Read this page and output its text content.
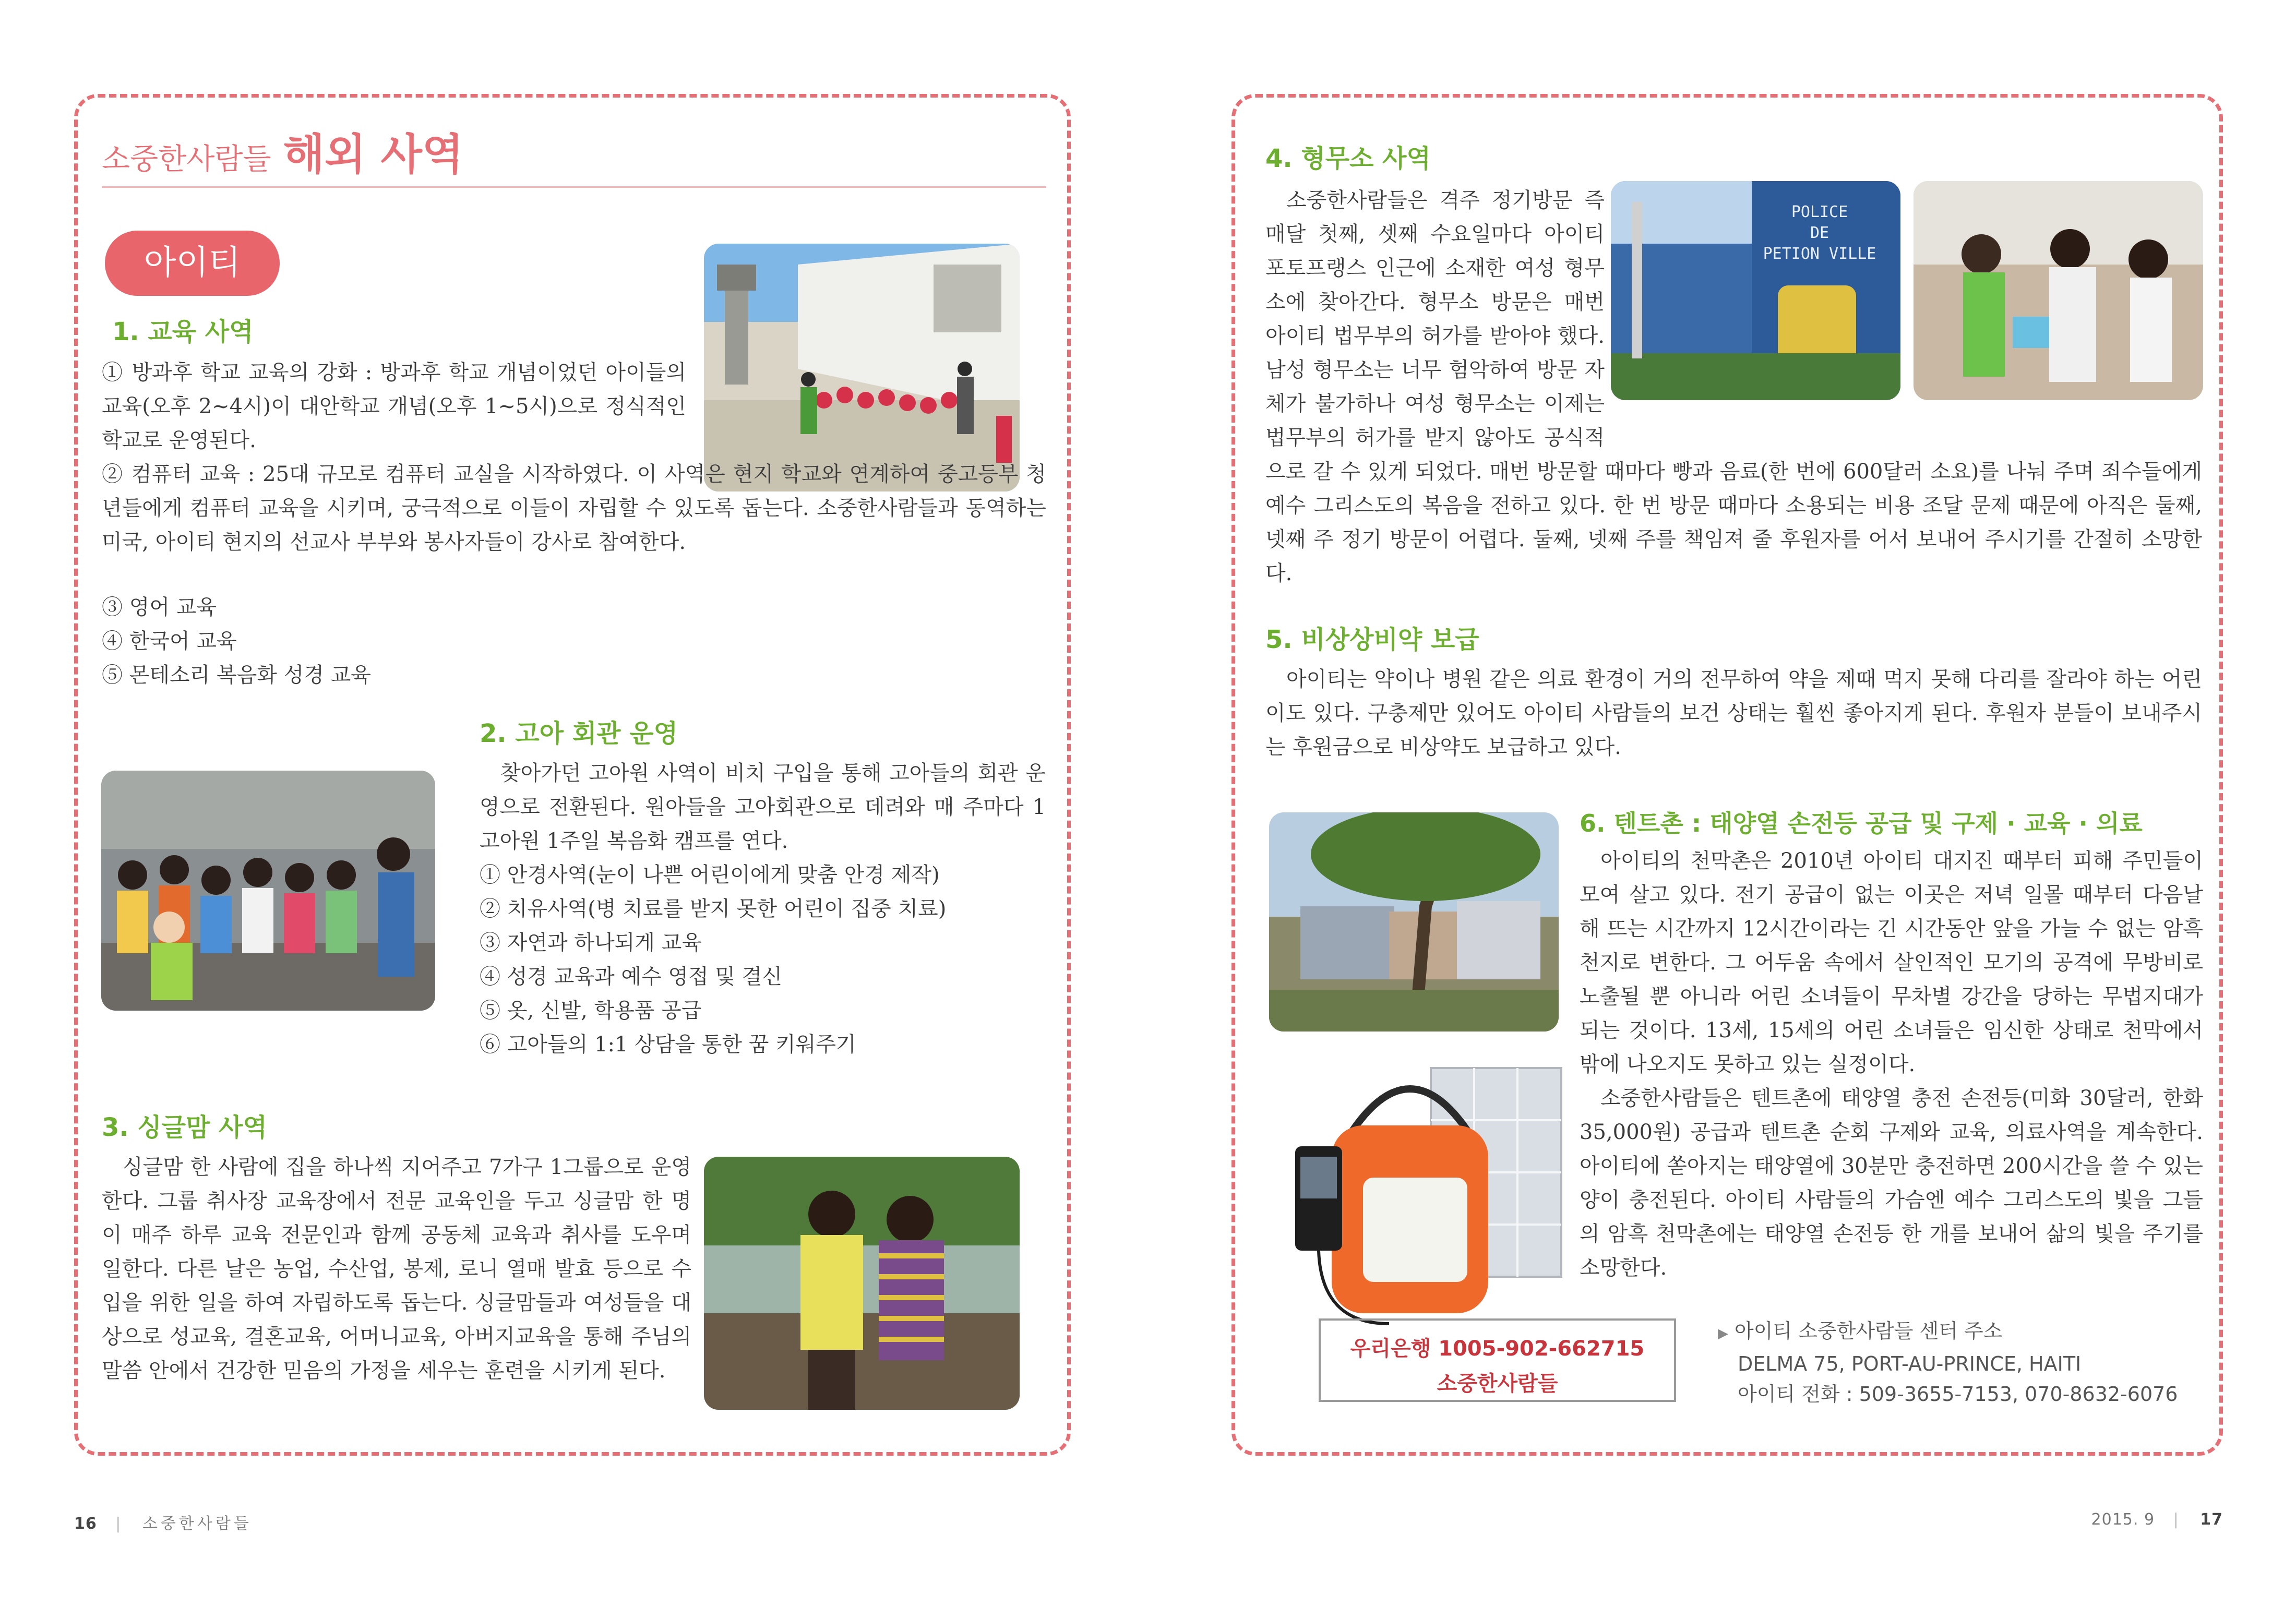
소중한사람들 해외 사역
아이티
1. 교육 사역

① 방과후 학교 교육의 강화 : 방과후 학교 개념이었던 아이들의 교육(오후 2~4시)이 대안학교 개념(오후 1~5시)으로 정식적인 학교로 운영된다.

② 컴퓨터 교육 : 25대 규모로 컴퓨터 교실을 시작하였다. 이 사역은 현지 학교와 연계하여 중고등부 청년들에게 컴퓨터 교육을 시키며, 궁극적으로 이들이 자립할 수 있도록 돕는다. 소중한사람들과 동역하는 미국, 아이티 현지의 선교사 부부와 봉사자들이 강사로 참여한다.

③ 영어 교육

④ 한국어 교육

⑤ 몬테소리 복음화 성경 교육

2. 고아 회관 운영

찾아가던 고아원 사역이 비치 구입을 통해 고아들의 회관 운영으로 전환된다. 원아들을 고아회관으로 데려와 매 주마다 1고아원 1주일 복음화 캠프를 연다.

① 안경사역(눈이 나쁜 어린이에게 맞춤 안경 제작)

② 치유사역(병 치료를 받지 못한 어린이 집중 치료)

③ 자연과 하나되게 교육

④ 성경 교육과 예수 영접 및 결신

⑤ 옷, 신발, 학용품 공급

⑥ 고아들의 1:1 상담을 통한 꿈 키워주기

3. 싱글맘 사역

싱글맘 한 사람에 집을 하나씩 지어주고 7가구 1그룹으로 운영한다. 그룹 취사장 교육장에서 전문 교육인을 두고 싱글맘 한 명이 매주 하루 교육 전문인과 함께 공동체 교육과 취사를 도우며 일한다. 다른 날은 농업, 수산업, 봉제, 로니 열매 발효 등으로 수입을 위한 일을 하여 자립하도록 돕는다. 싱글맘들과 여성들을 대상으로 성교육, 결혼교육, 어머니교육, 아버지교육을 통해 주님의 말씀 안에서 건강한 믿음의 가정을 세우는 훈련을 시키게 된다.

16 | 소중한사람들
4. 형무소 사역
POLICE
DE
PETION VILLE

소중한사람들은 격주 정기방문 즉 매달 첫째, 셋째 수요일마다 아이티 포토프랭스 인근에 소재한 여성 형무소에 찾아간다. 형무소 방문은 매번 아이티 법무부의 허가를 받아야 했다. 남성 형무소는 너무 험악하여 방문 자체가 불가하나 여성 형무소는 이제는 법무부의 허가를 받지 않아도 공식적으로 갈 수 있게 되었다. 매번 방문할 때마다 빵과 음료(한 번에 600달러 소요)를 나눠 주며 죄수들에게 예수 그리스도의 복음을 전하고 있다. 한 번 방문 때마다 소용되는 비용 조달 문제 때문에 아직은 둘째, 넷째 주 정기 방문이 어렵다. 둘째, 넷째 주를 책임져 줄 후원자를 어서 보내어 주시기를 간절히 소망한다.

5. 비상상비약 보급

아이티는 약이나 병원 같은 의료 환경이 거의 전무하여 약을 제때 먹지 못해 다리를 잘라야 하는 어린이도 있다. 구충제만 있어도 아이티 사람들의 보건 상태는 훨씬 좋아지게 된다. 후원자 분들이 보내주시는 후원금으로 비상약도 보급하고 있다.

6. 텐트촌 : 태양열 손전등 공급 및 구제 · 교육 · 의료

아이티의 천막촌은 2010년 아이티 대지진 때부터 피해 주민들이 모여 살고 있다. 전기 공급이 없는 이곳은 저녁 일몰 때부터 다음날 해 뜨는 시간까지 12시간이라는 긴 시간동안 앞을 가늘 수 없는 암흑천지로 변한다. 그 어두움 속에서 살인적인 모기의 공격에 무방비로 노출될 뿐 아니라 어린 소녀들이 무차별 강간을 당하는 무법지대가 되는 것이다. 13세, 15세의 어린 소녀들은 임신한 상태로 천막에서 밖에 나오지도 못하고 있는 실정이다.

소중한사람들은 텐트촌에 태양열 충전 손전등(미화 30달러, 한화 35,000원) 공급과 텐트촌 순회 구제와 교육, 의료사역을 계속한다. 아이티에 쏟아지는 태양열에 30분만 충전하면 200시간을 쓸 수 있는 양이 충전된다. 아이티 사람들의 가슴엔 예수 그리스도의 빛을 그들의 암흑 천막촌에는 태양열 손전등 한 개를 보내어 삶의 빛을 주기를 소망한다.

우리은행 1005-902-662715
소중한사람들
▶ 아이티 소중한사람들 센터 주소
DELMA 75, PORT-AU-PRINCE, HAITI
아이티 전화 : 509-3655-7153, 070-8632-6076
2015. 9 | 17
